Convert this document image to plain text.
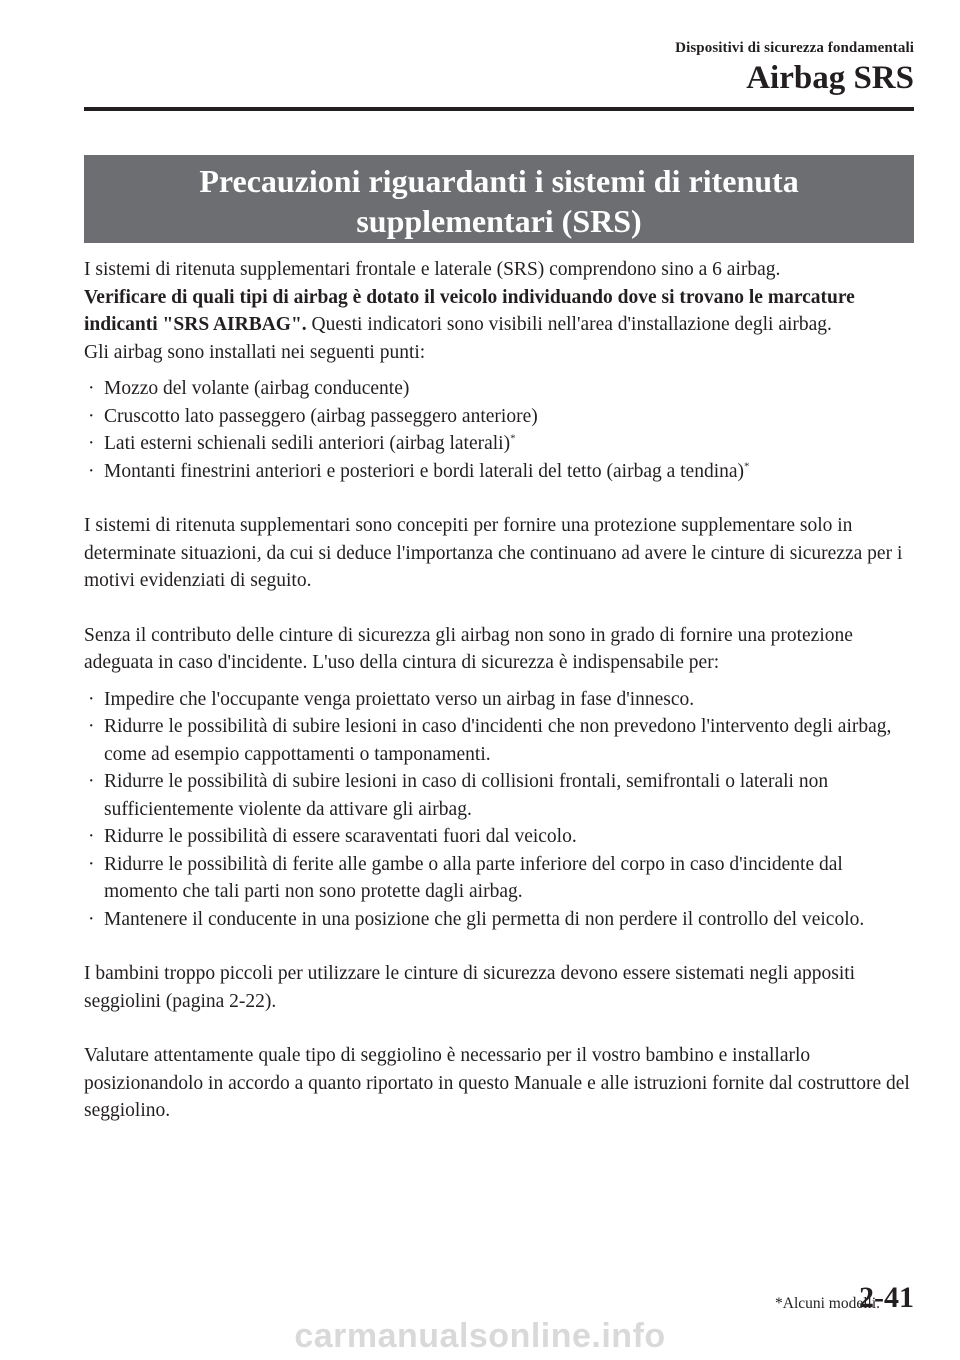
Dispositivi di sicurezza fondamentali
Airbag SRS
Precauzioni riguardanti i sistemi di ritenuta
supplementari (SRS)

I sistemi di ritenuta supplementari frontale e laterale (SRS) comprendono sino a 6 airbag.
Verificare di quali tipi di airbag è dotato il veicolo individuando dove si trovano le marcature indicanti "SRS AIRBAG". Questi indicatori sono visibili nell'area d'installazione degli airbag.
Gli airbag sono installati nei seguenti punti:

· Mozzo del volante (airbag conducente)
· Cruscotto lato passeggero (airbag passeggero anteriore)
· Lati esterni schienali sedili anteriori (airbag laterali)*
· Montanti finestrini anteriori e posteriori e bordi laterali del tetto (airbag a tendina)*

I sistemi di ritenuta supplementari sono concepiti per fornire una protezione supplementare solo in determinate situazioni, da cui si deduce l'importanza che continuano ad avere le cinture di sicurezza per i motivi evidenziati di seguito.

Senza il contributo delle cinture di sicurezza gli airbag non sono in grado di fornire una protezione adeguata in caso d'incidente. L'uso della cintura di sicurezza è indispensabile per:

· Impedire che l'occupante venga proiettato verso un airbag in fase d'innesco.
· Ridurre le possibilità di subire lesioni in caso d'incidenti che non prevedono l'intervento degli airbag, come ad esempio cappottamenti o tamponamenti.
· Ridurre le possibilità di subire lesioni in caso di collisioni frontali, semifrontali o laterali non sufficientemente violente da attivare gli airbag.
· Ridurre le possibilità di essere scaraventati fuori dal veicolo.
· Ridurre le possibilità di ferite alle gambe o alla parte inferiore del corpo in caso d'incidente dal momento che tali parti non sono protette dagli airbag.
· Mantenere il conducente in una posizione che gli permetta di non perdere il controllo del veicolo.

I bambini troppo piccoli per utilizzare le cinture di sicurezza devono essere sistemati negli appositi seggiolini (pagina 2-22).

Valutare attentamente quale tipo di seggiolino è necessario per il vostro bambino e installarlo posizionandolo in accordo a quanto riportato in questo Manuale e alle istruzioni fornite dal costruttore del seggiolino.

*Alcuni modelli.
2-41
carmanualsonline.info
